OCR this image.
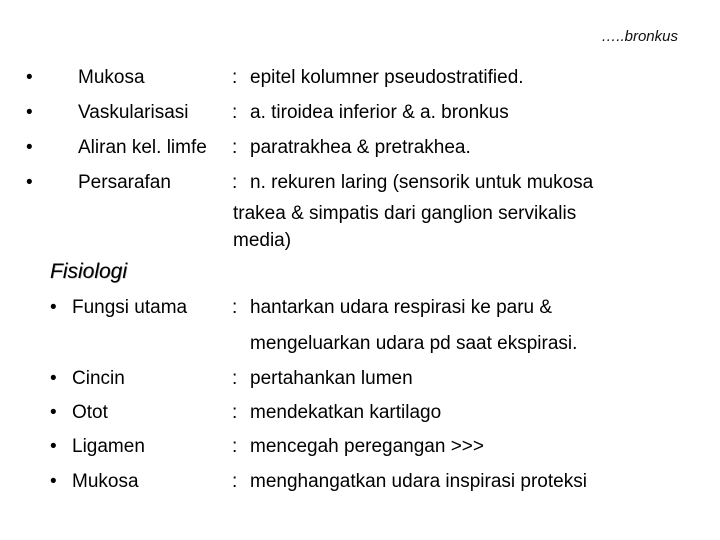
…..bronkus
• Mukosa	: epitel kolumner pseudostratified.
• Vaskularisasi : a. tiroidea inferior & a. bronkus
• Aliran kel. limfe : paratrakhea & pretrakhea.
• Persarafan	: n. rekuren laring (sensorik untuk mukosa
trakea & simpatis dari ganglion servikalis
media)
Fisiologi
• Fungsi utama : hantarkan udara respirasi ke paru &
mengeluarkan udara pd saat ekspirasi.
• Cincin	: pertahankan lumen
• Otot	: mendekatkan kartilago
• Ligamen	: mencegah peregangan >>>
• Mukosa	: menghangatkan udara inspirasi proteksi
